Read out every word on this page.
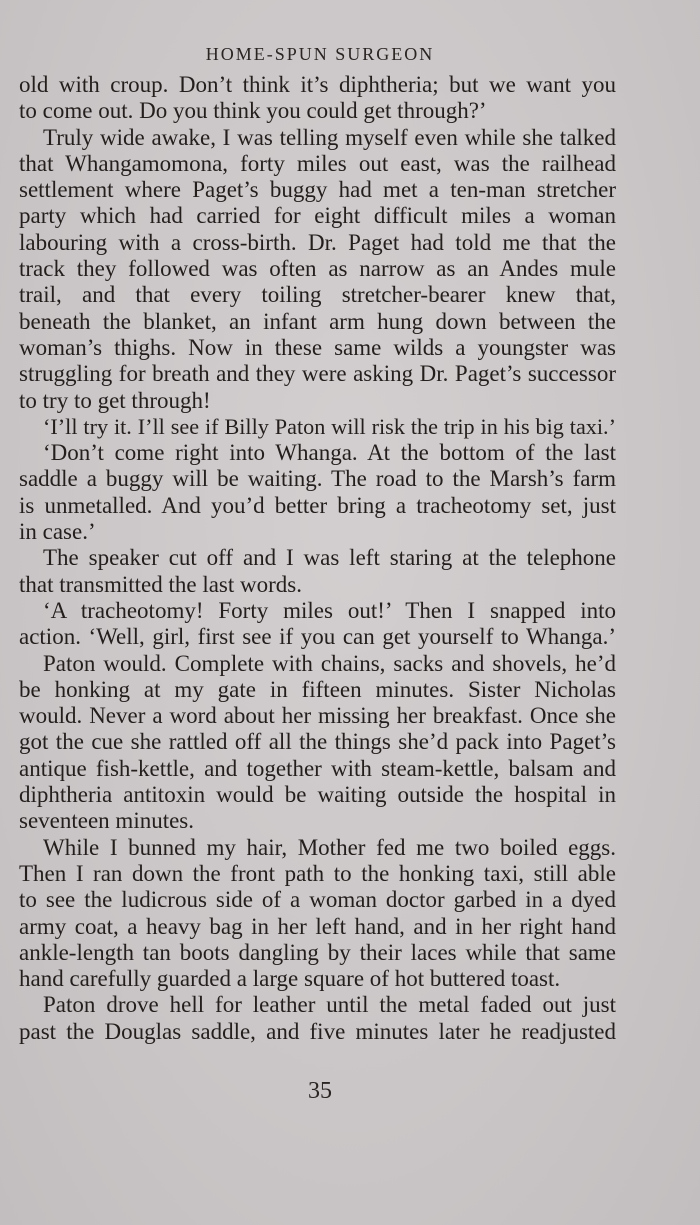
HOME-SPUN SURGEON
old with croup. Don’t think it’s diphtheria; but we want you
to come out. Do you think you could get through?’
Truly wide awake, I was telling myself even while she talked
that Whangamomona, forty miles out east, was the railhead
settlement where Paget’s buggy had met a ten-man stretcher
party which had carried for eight difficult miles a woman
labouring with a cross-birth. Dr. Paget had told me that the
track they followed was often as narrow as an Andes mule
trail, and that every toiling stretcher-bearer knew that,
beneath the blanket, an infant arm hung down between the
woman’s thighs. Now in these same wilds a youngster was
struggling for breath and they were asking Dr. Paget’s successor
to try to get through!
‘I’ll try it. I’ll see if Billy Paton will risk the trip in his big taxi.’
‘Don’t come right into Whanga. At the bottom of the last
saddle a buggy will be waiting. The road to the Marsh’s farm
is unmetalled. And you’d better bring a tracheotomy set, just
in case.’
The speaker cut off and I was left staring at the telephone
that transmitted the last words.
‘A tracheotomy! Forty miles out!’ Then I snapped into
action. ‘Well, girl, first see if you can get yourself to Whanga.’
Paton would. Complete with chains, sacks and shovels, he’d
be honking at my gate in fifteen minutes. Sister Nicholas
would. Never a word about her missing her breakfast. Once she
got the cue she rattled off all the things she’d pack into Paget’s
antique fish-kettle, and together with steam-kettle, balsam and
diphtheria antitoxin would be waiting outside the hospital in
seventeen minutes.
While I bunned my hair, Mother fed me two boiled eggs.
Then I ran down the front path to the honking taxi, still able
to see the ludicrous side of a woman doctor garbed in a dyed
army coat, a heavy bag in her left hand, and in her right hand
ankle-length tan boots dangling by their laces while that same
hand carefully guarded a large square of hot buttered toast.
Paton drove hell for leather until the metal faded out just
past the Douglas saddle, and five minutes later he readjusted
35
